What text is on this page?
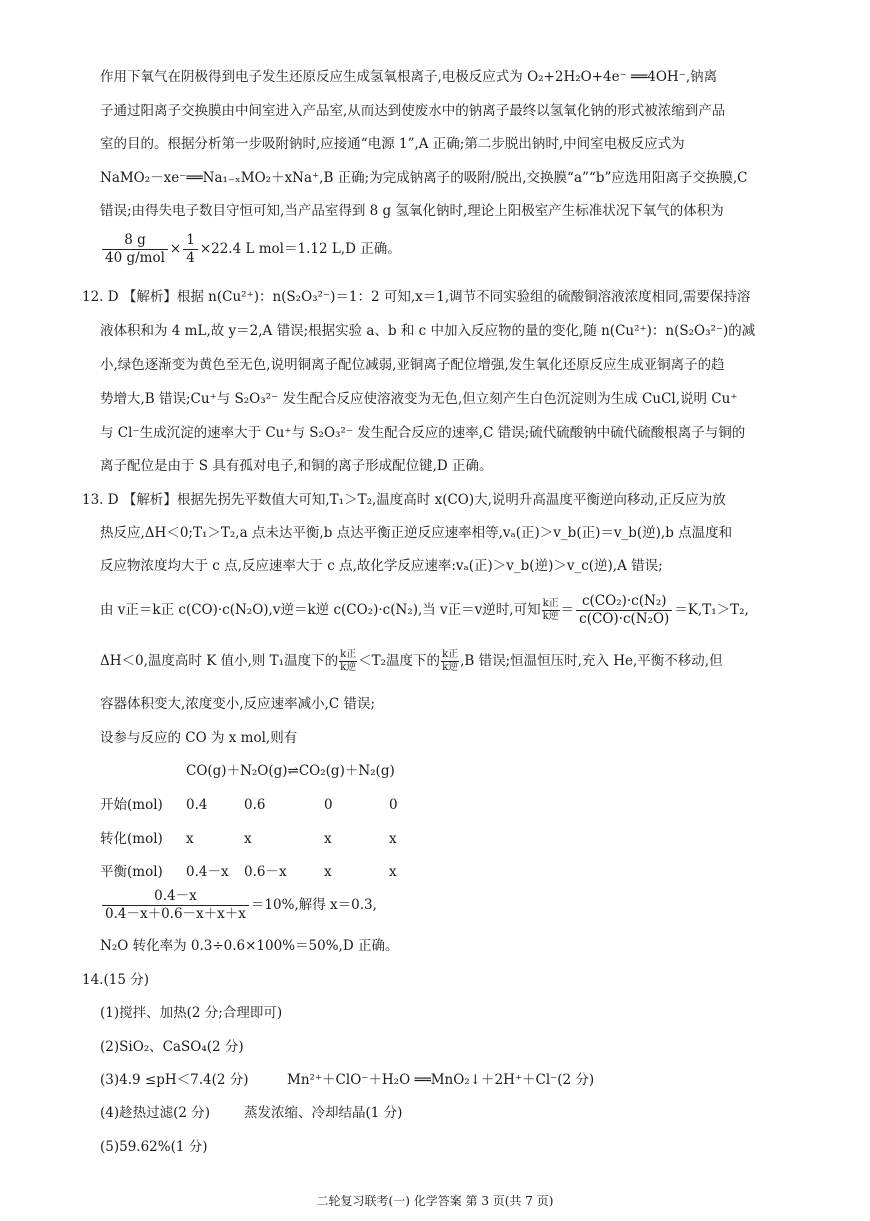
作用下氧气在阴极得到电子发生还原反应生成氢氧根离子,电极反应式为 O₂+2H₂O+4e⁻ ══4OH⁻,钠离
子通过阳离子交换膜由中间室进入产品室,从而达到使废水中的钠离子最终以氢氧化钠的形式被浓缩到产品
室的目的。根据分析第一步吸附钠时,应接通“电源 1”,A 正确;第二步脱出钠时,中间室电极反应式为
NaMO₂－xe⁻══Na₁₋ₓMO₂＋xNa⁺,B 正确;为完成钠离子的吸附/脱出,交换膜“a”“b”应选用阳离子交换膜,C
错误;由得失电子数目守恒可知,当产品室得到 8 g 氢氧化钠时,理论上阳极室产生标准状况下氧气的体积为
$\frac{8 g}{\text{40 g/mol}} \times \frac{1}{4} \times 22.4$ L mol＝1.12 L,D 正确。
12. D 【解析】根据 n(Cu²⁺)：n(S₂O₃²⁻)＝1：2 可知,x＝1,调节不同实验组的硫酸铜溶液浓度相同,需要保持溶
液体积和为 4 mL,故 y＝2,A 错误;根据实验 a、b 和 c 中加入反应物的量的变化,随 n(Cu²⁺)：n(S₂O₃²⁻)的减
小,绿色逐渐变为黄色至无色,说明铜离子配位减弱,亚铜离子配位增强,发生氧化还原反应生成亚铜离子的趋
势增大,B 错误;Cu⁺与 S₂O₃²⁻ 发生配合反应使溶液变为无色,但立刻产生白色沉淀则为生成 CuCl,说明 Cu⁺
与 Cl⁻生成沉淀的速率大于 Cu⁺与 S₂O₃²⁻ 发生配合反应的速率,C 错误;硫代硫酸钠中硫代硫酸根离子与铜的
离子配位是由于 S 具有孤对电子,和铜的离子形成配位键,D 正确。
13. D 【解析】根据先拐先平数值大可知,T₁＞T₂,温度高时 x(CO)大,说明升高温度平衡逆向移动,正反应为放
热反应,ΔH＜0;T₁＞T₂,a 点未达平衡,b 点达平衡正逆反应速率相等,vₐ(正)＞v_b(正)＝v_b(逆),b 点温度和
反应物浓度均大于 c 点,反应速率大于 c 点,故化学反应速率:vₐ(正)＞v_b(逆)＞v_c(逆),A 错误;
由 v正＝k正 c(CO)·c(N₂O),v逆＝k逆 c(CO₂)·c(N₂),当 v正＝v逆时,可知 $\frac{\text{k正}}{\text{k逆}} = \frac{\text{c(CO₂)·c(N₂)}}{\text{c(CO)·c(N₂O)}} =K,T_1>T_2$,
ΔH＜0,温度高时 K 值小,则 T₁温度下的 $\frac{\text{k正}}{\text{k逆}} <T_2$温度下的 $\frac{\text{k正}}{\text{k逆}} ,B$ 错误;恒温恒压时,充入 He,平衡不移动,但
容器体积变大,浓度变小,反应速率减小,C 错误;
设参与反应的 CO 为 x mol,则有
CO(g)＋N₂O(g)⇌CO₂(g)＋N₂(g)
开始(mol) 0.4	0.6	0	0
转化(mol) x	x	x	x
平衡(mol) 0.4－x 0.6－x	x	x
$\frac{0.4-x}{0.4-x+0.6-x+x+x} =10\%$,解得 x＝0.3,
N₂O 转化率为 0.3÷0.6×100%＝50%,D 正确。
14.(15 分)
(1)搅拌、加热(2 分;合理即可)
(2)SiO₂、CaSO₄(2 分)
(3)4.9 ≤pH＜7.4(2 分)	Mn²⁺＋ClO⁻＋H₂O ══MnO₂↓＋2H⁺＋Cl⁻(2 分)
(4)趁热过滤(2 分)	蒸发浓缩、冷却结晶(1 分)
(5)59.62%(1 分)
二轮复习联考(一) 化学答案 第 3 页(共 7 页)
